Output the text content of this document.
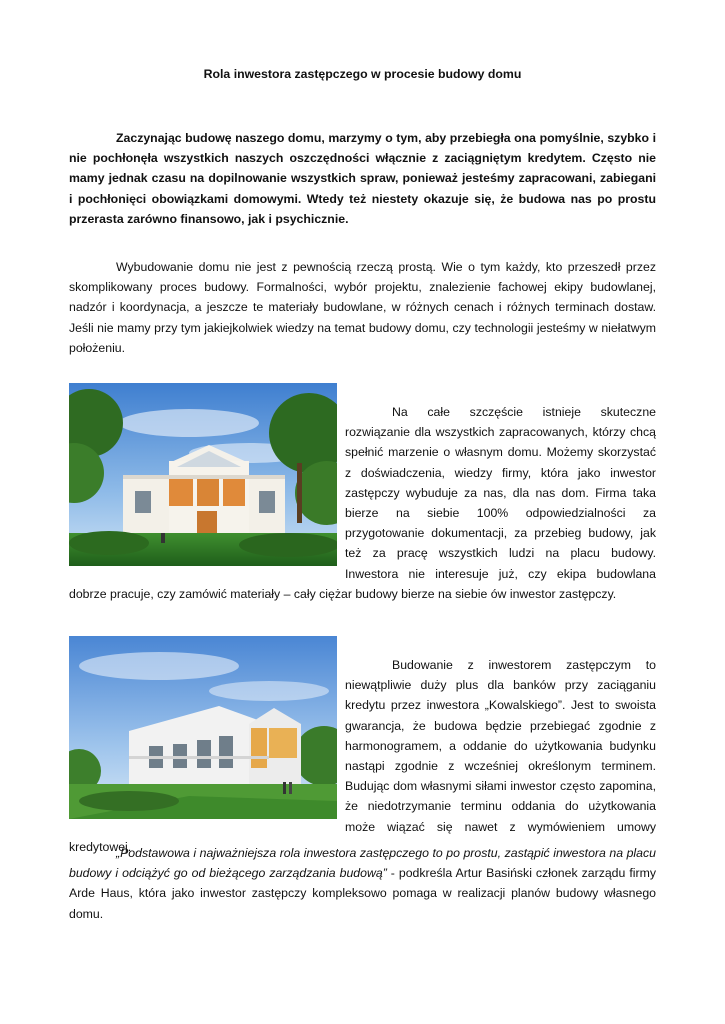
Rola inwestora zastępczego w procesie budowy domu

Zaczynając budowę naszego domu, marzymy o tym, aby przebiegła ona pomyślnie, szybko i nie pochłonęła wszystkich naszych oszczędności włącznie z zaciągniętym kredytem. Często nie mamy jednak czasu na dopilnowanie wszystkich spraw, ponieważ jesteśmy zapracowani, zabiegani i pochłonięci obowiązkami domowymi. Wtedy też niestety okazuje się, że budowa nas po prostu przerasta zarówno finansowo, jak i psychicznie.

Wybudowanie domu nie jest z pewnością rzeczą prostą. Wie o tym każdy, kto przeszedł przez skomplikowany proces budowy. Formalności, wybór projektu, znalezienie fachowej ekipy budowlanej, nadzór i koordynacja, a jeszcze te materiały budowlane, w różnych cenach i różnych terminach dostaw. Jeśli nie mamy przy tym jakiejkolwiek wiedzy na temat budowy domu, czy technologii jesteśmy w niełatwym położeniu.

Na całe szczęście istnieje skuteczne rozwiązanie dla wszystkich zapracowanych, którzy chcą spełnić marzenie o własnym domu. Możemy skorzystać z doświadczenia, wiedzy firmy, która jako inwestor zastępczy wybuduje za nas, dla nas dom. Firma taka bierze na siebie 100% odpowiedzialności za przygotowanie dokumentacji, za przebieg budowy, jak też za pracę wszystkich ludzi na placu budowy. Inwestora nie interesuje już, czy ekipa budowlana dobrze pracuje, czy zamówić materiały – cały ciężar budowy bierze na siebie ów inwestor zastępczy.

Budowanie z inwestorem zastępczym to niewątpliwie duży plus dla banków przy zaciąganiu kredytu przez inwestora „Kowalskiego”. Jest to swoista gwarancja, że budowa będzie przebiegać zgodnie z harmonogramem, a oddanie do użytkowania budynku nastąpi zgodnie z wcześniej określonym terminem. Budując dom własnymi siłami inwestor często zapomina, że niedotrzymanie terminu oddania do użytkowania może wiązać się nawet z wymówieniem umowy kredytowej.

„Podstawowa i najważniejsza rola inwestora zastępczego to po prostu, zastąpić inwestora na placu budowy i odciążyć go od bieżącego zarządzania budową” - podkreśla Artur Basiński członek zarządu firmy Arde Haus, która jako inwestor zastępczy kompleksowo pomaga w realizacji planów budowy własnego domu.
